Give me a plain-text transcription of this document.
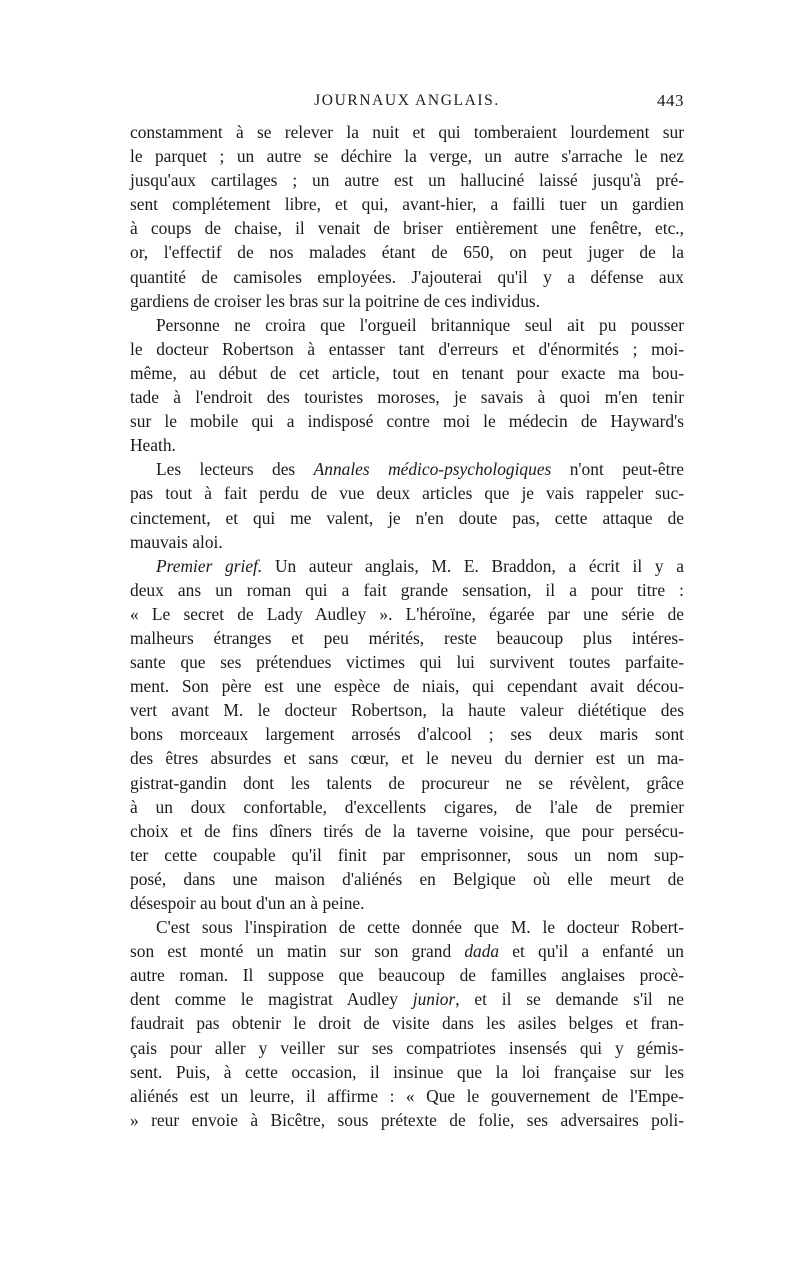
JOURNAUX ANGLAIS.	443
constamment à se relever la nuit et qui tomberaient lourdement sur
le parquet ; un autre se déchire la verge, un autre s'arrache le nez
jusqu'aux cartilages ; un autre est un halluciné laissé jusqu'à pré-
sent complétement libre, et qui, avant-hier, a failli tuer un gardien
à coups de chaise, il venait de briser entièrement une fenêtre, etc.,
or, l'effectif de nos malades étant de 650, on peut juger de la
quantité de camisoles employées. J'ajouterai qu'il y a défense aux
gardiens de croiser les bras sur la poitrine de ces individus.
Personne ne croira que l'orgueil britannique seul ait pu pousser
le docteur Robertson à entasser tant d'erreurs et d'énormités ; moi-
même, au début de cet article, tout en tenant pour exacte ma bou-
tade à l'endroit des touristes moroses, je savais à quoi m'en tenir
sur le mobile qui a indisposé contre moi le médecin de Hayward's
Heath.
Les lecteurs des Annales médico-psychologiques n'ont peut-être
pas tout à fait perdu de vue deux articles que je vais rappeler suc-
cinctement, et qui me valent, je n'en doute pas, cette attaque de
mauvais aloi.
Premier grief. Un auteur anglais, M. E. Braddon, a écrit il y a
deux ans un roman qui a fait grande sensation, il a pour titre :
« Le secret de Lady Audley ». L'héroïne, égarée par une série de
malheurs étranges et peu mérités, reste beaucoup plus intéres-
sante que ses prétendues victimes qui lui survivent toutes parfaite-
ment. Son père est une espèce de niais, qui cependant avait décou-
vert avant M. le docteur Robertson, la haute valeur diététique des
bons morceaux largement arrosés d'alcool ; ses deux maris sont
des êtres absurdes et sans cœur, et le neveu du dernier est un ma-
gistrat-gandin dont les talents de procureur ne se révèlent, grâce
à un doux confortable, d'excellents cigares, de l'ale de premier
choix et de fins dîners tirés de la taverne voisine, que pour persécu-
ter cette coupable qu'il finit par emprisonner, sous un nom sup-
posé, dans une maison d'aliénés en Belgique où elle meurt de
désespoir au bout d'un an à peine.
C'est sous l'inspiration de cette donnée que M. le docteur Robert-
son est monté un matin sur son grand dada et qu'il a enfanté un
autre roman. Il suppose que beaucoup de familles anglaises procè-
dent comme le magistrat Audley junior, et il se demande s'il ne
faudrait pas obtenir le droit de visite dans les asiles belges et fran-
çais pour aller y veiller sur ses compatriotes insensés qui y gémis-
sent. Puis, à cette occasion, il insinue que la loi française sur les
aliénés est un leurre, il affirme : « Que le gouvernement de l'Empe-
» reur envoie à Bicêtre, sous prétexte de folie, ses adversaires poli-
